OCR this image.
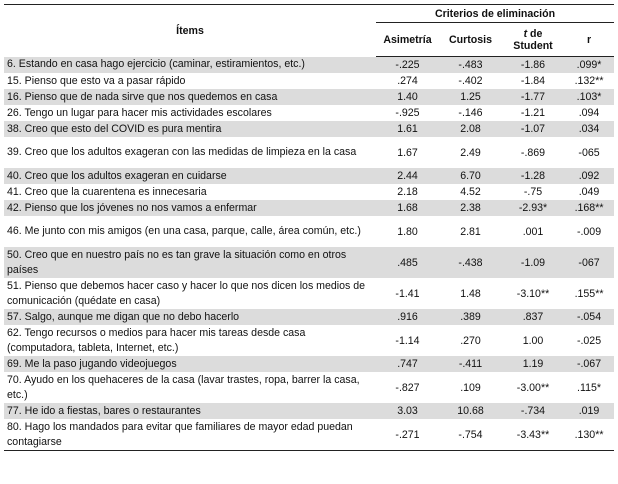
Ítems	Criterios de eliminación			
	Asimetría	Curtosis	t de Student	r
6. Estando en casa hago ejercicio (caminar, estiramientos, etc.)	-.225	-.483	-1.86	.099*
15. Pienso que esto va a pasar rápido	.274	-.402	-1.84	.132**
16. Pienso que de nada sirve que nos quedemos en casa	1.40	1.25	-1.77	.103*
26. Tengo un lugar para hacer mis actividades escolares	-.925	-.146	-1.21	.094
38. Creo que esto del COVID es pura mentira	1.61	2.08	-1.07	.034
39. Creo que los adultos exageran con las medidas de limpieza en la casa	1.67	2.49	-.869	-065
40. Creo que los adultos exageran en cuidarse	2.44	6.70	-1.28	.092
41. Creo que la cuarentena es innecesaria	2.18	4.52	-.75	.049
42. Pienso que los jóvenes no nos vamos a enfermar	1.68	2.38	-2.93*	.168**
46. Me junto con mis amigos (en una casa, parque, calle, área común, etc.)	1.80	2.81	.001	-.009
50. Creo que en nuestro país no es tan grave la situación como en otros países	.485	-.438	-1.09	-067
51. Pienso que debemos hacer caso y hacer lo que nos dicen los medios de comunicación (quédate en casa)	-1.41	1.48	-3.10**	.155**
57. Salgo, aunque me digan que no debo hacerlo	.916	.389	.837	-.054
62. Tengo recursos o medios para hacer mis tareas desde casa (computadora, tableta, Internet, etc.)	-1.14	.270	1.00	-.025
69. Me la paso jugando videojuegos	.747	-.411	1.19	-.067
70. Ayudo en los quehaceres de la casa (lavar trastes, ropa, barrer la casa, etc.)	-.827	.109	-3.00**	.115*
77. He ido a fiestas, bares o restaurantes	3.03	10.68	-.734	.019
80. Hago los mandados para evitar que familiares de mayor edad puedan contagiarse	-.271	-.754	-3.43**	.130**
